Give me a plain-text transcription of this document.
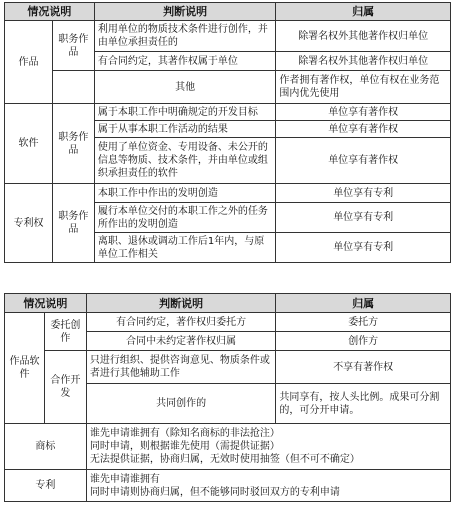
情况说明		判断说明	归属
作品	职务作品	利用单位的物质技术条件进行创作，并由单位承担责任的	除署名权外其他著作权归单位
		有合同约定，其著作权属于单位	除署名权外其他著作权归单位
		其他	作者拥有著作权，单位有权在业务范围内优先使用
软件	职务作品	属于本职工作中明确规定的开发目标	单位享有著作权
		属于从事本职工作活动的结果	单位享有著作权
		使用了单位资金、专用设备、未公开的信息等物质、技术条件，并由单位或组织承担责任的软件	单位享有著作权
专利权	职务作品	本职工作中作出的发明创造	单位享有专利
		履行本单位交付的本职工作之外的任务所作出的发明创造	单位享有专利
		离职、退休或调动工作后1年内，与原单位工作相关	单位享有专利
情况说明		判断说明	归属
作品软件	委托创作	有合同约定，著作权归委托方	委托方
		合同中未约定著作权归属	创作方
	合作开发	只进行组织、提供咨询意见、物质条件或者进行其他辅助工作	不享有著作权
		共同创作的	共同享有，按人头比例。成果可分割的，可分开申请。
商标		谁先申请谁拥有（除知名商标的非法抢注）
同时申请，则根据谁先使用（需提供证据）
无法提供证据，协商归属，无效时使用抽签（但不可不确定）	
专利		谁先申请谁拥有
同时申请则协商归属，但不能够同时驳回双方的专利申请	
